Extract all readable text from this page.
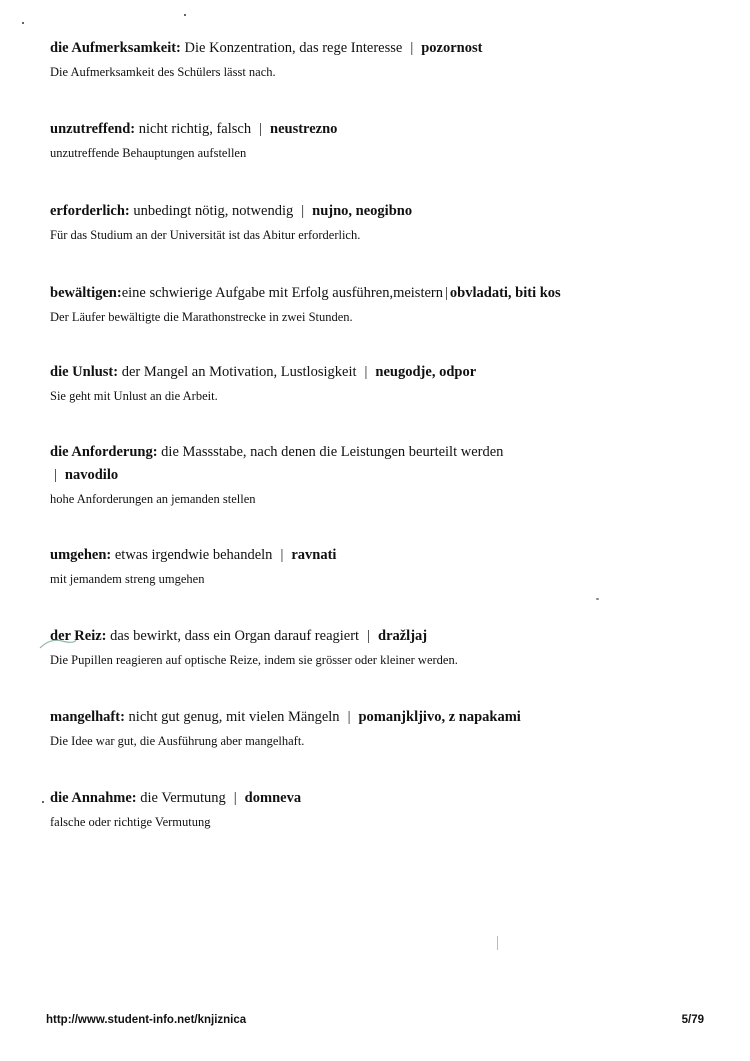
die Aufmerksamkeit: Die Konzentration, das rege Interesse | pozornost
Die Aufmerksamkeit des Schülers lässt nach.
unzutreffend: nicht richtig, falsch | neustrezno
unzutreffende Behauptungen aufstellen
erforderlich: unbedingt nötig, notwendig | nujno, neogibno
Für das Studium an der Universität ist das Abitur erforderlich.
bewältigen:eine schwierige Aufgabe mit Erfolg ausführen,meistern | obvladati, biti kos
Der Läufer bewältigte die Marathonstrecke in zwei Stunden.
die Unlust: der Mangel an Motivation, Lustlosigkeit | neugodje, odpor
Sie geht mit Unlust an die Arbeit.
die Anforderung: die Massstabe, nach denen die Leistungen beurteilt werden
| navodilo
hohe Anforderungen an jemanden stellen
umgehen: etwas irgendwie behandeln | ravnati
mit jemandem streng umgehen
der Reiz: das bewirkt, dass ein Organ darauf reagiert | dražljaj
Die Pupillen reagieren auf optische Reize, indem sie grösser oder kleiner werden.
mangelhaft: nicht gut genug, mit vielen Mängeln | pomanjkljivo, z napakami
Die Idee war gut, die Ausführung aber mangelhaft.
die Annahme: die Vermutung | domneva
falsche oder richtige Vermutung
http://www.student-info.net/knjiznica	5/79
